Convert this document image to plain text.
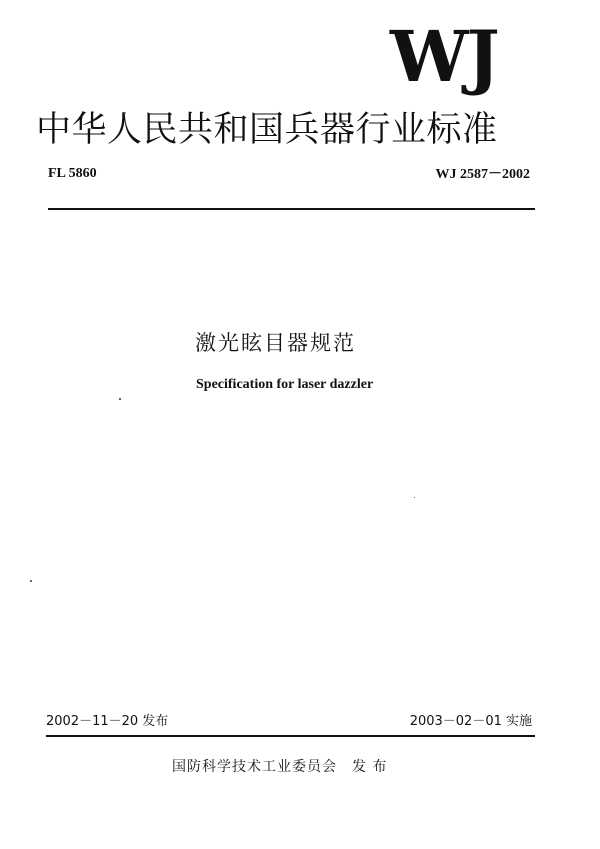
WJ
中华人民共和国兵器行业标准
FL 5860	WJ 2587－2002
激光眩目器规范
Specification for laser dazzler
2002－11－20 发布	2003－02－01 实施
国防科学技术工业委员会　发 布
